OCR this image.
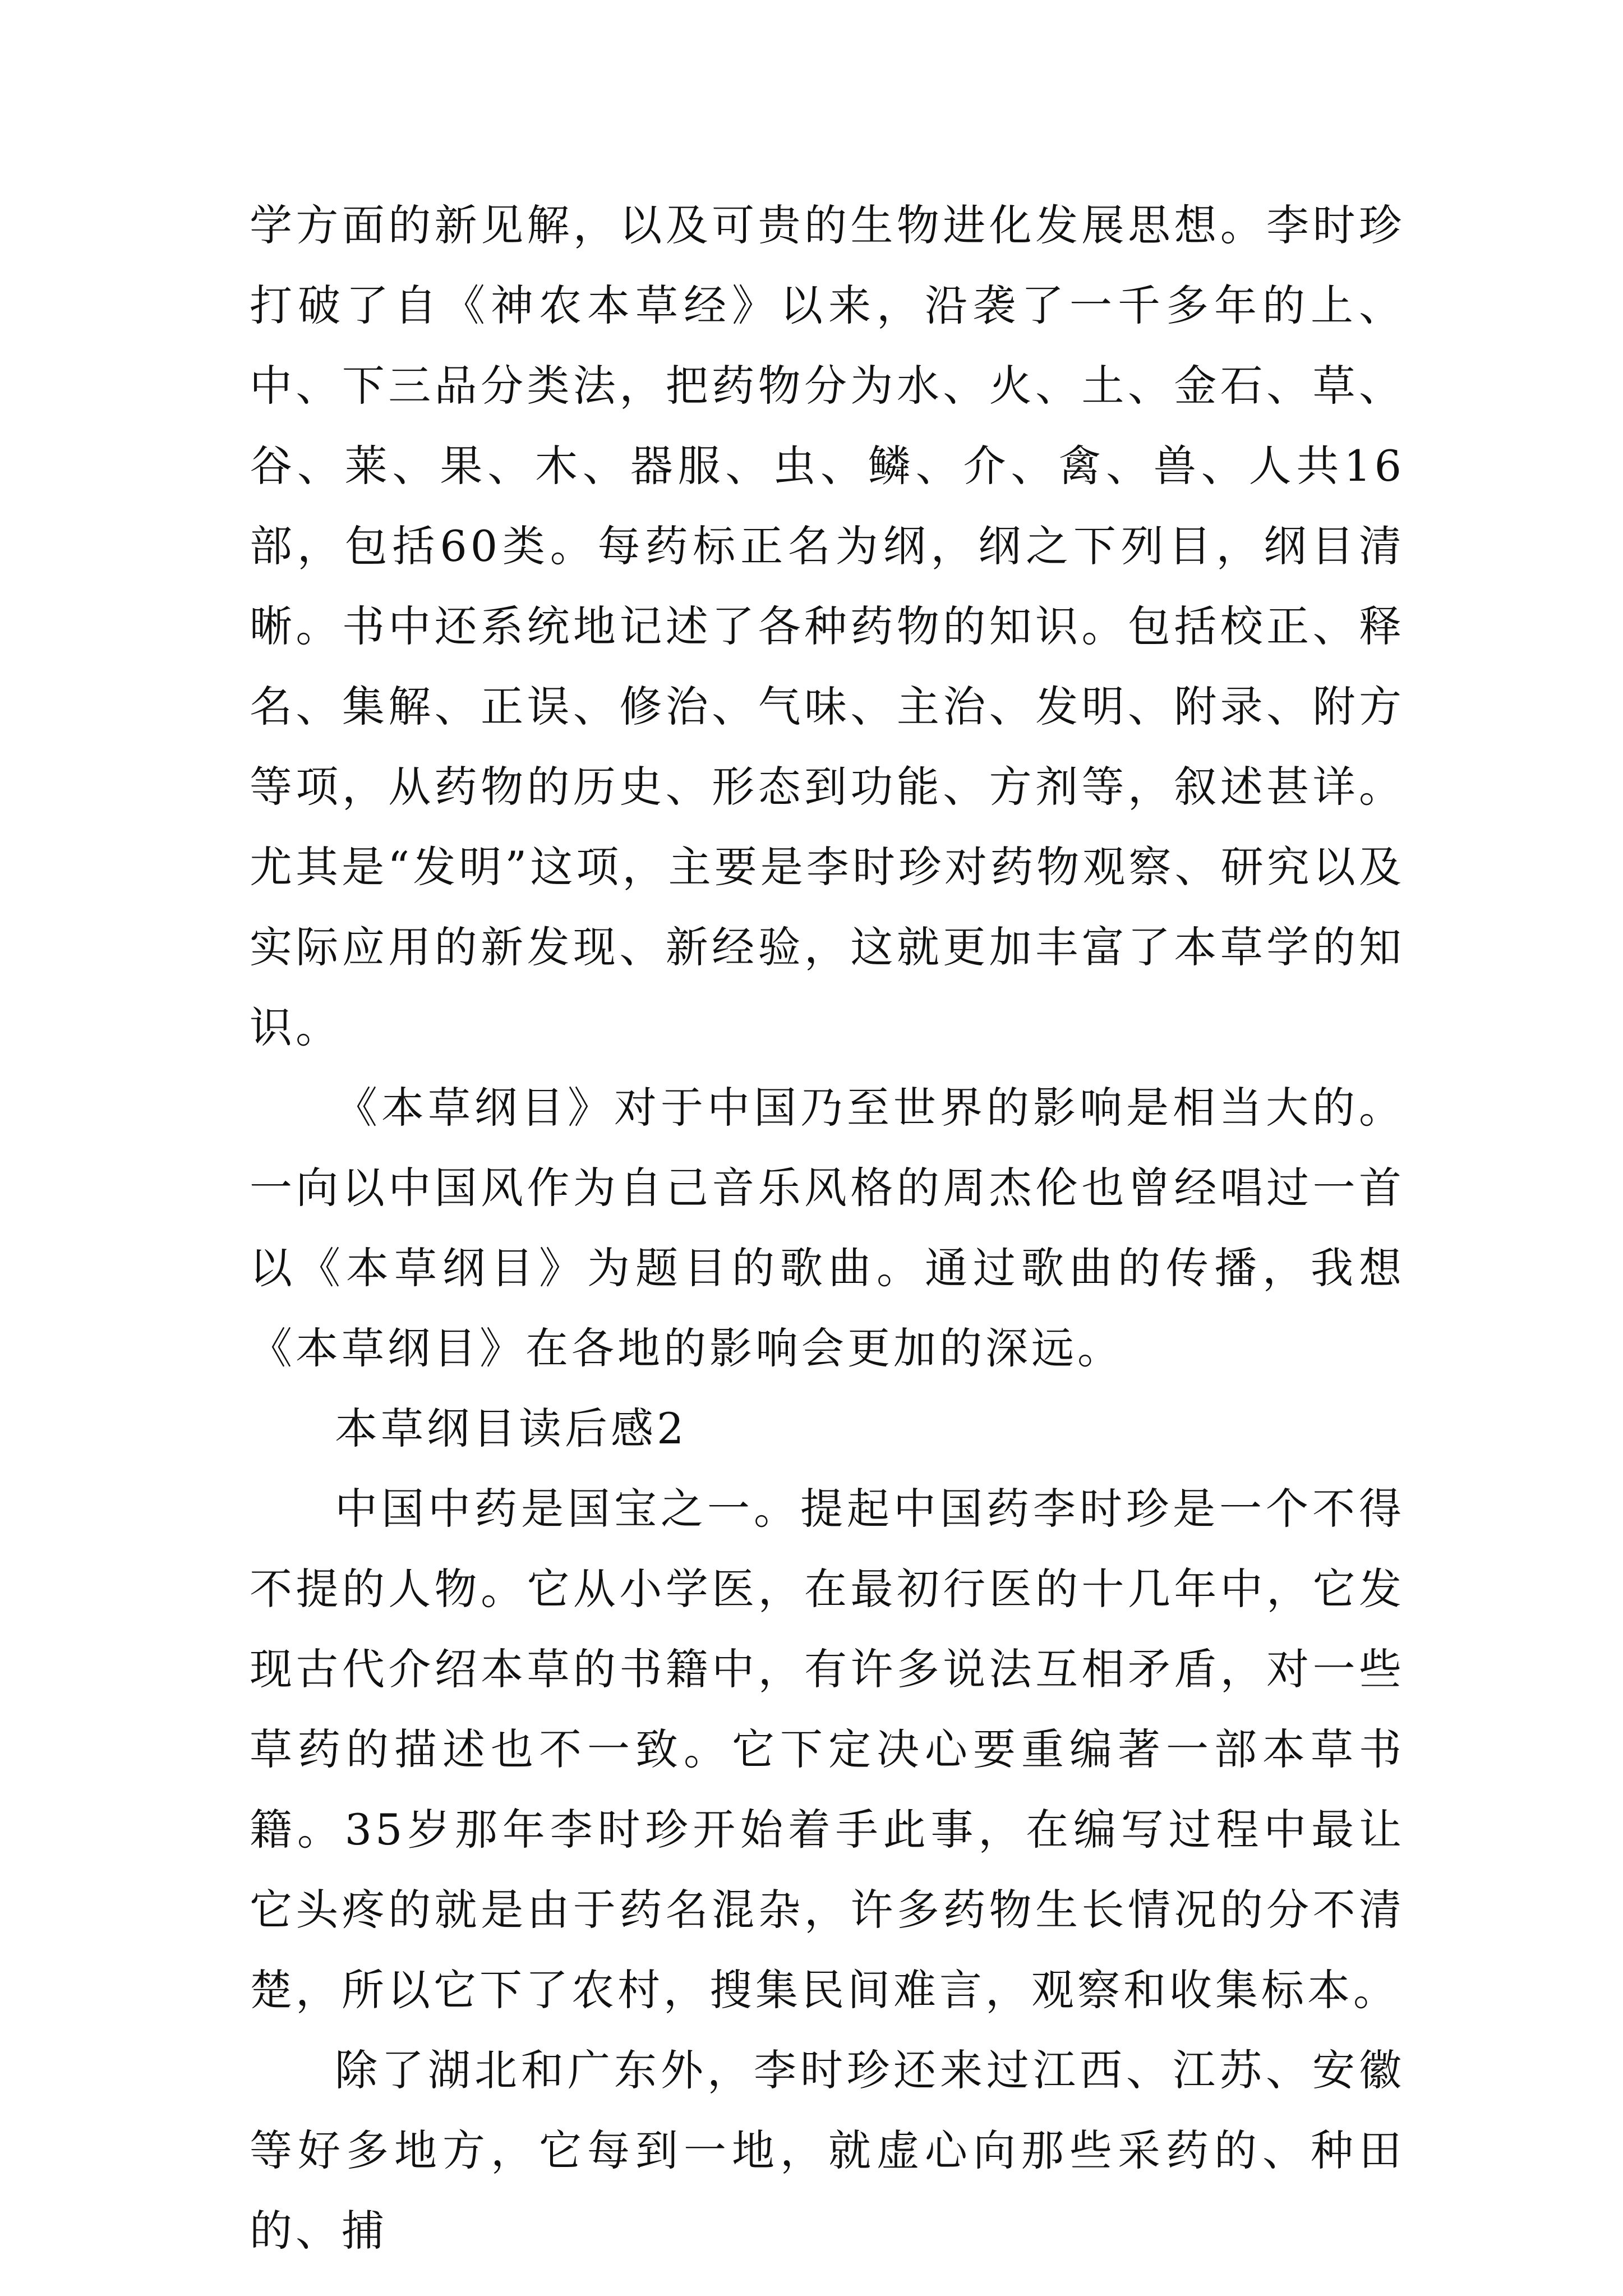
学方面的新见解，以及可贵的生物进化发展思想。李时珍打破了自《神农本草经》以来，沿袭了一千多年的上、中、下三品分类法，把药物分为水、火、土、金石、草、谷、莱、果、木、器服、虫、鳞、介、禽、兽、人共16部，包括60类。每药标正名为纲，纲之下列目，纲目清晰。书中还系统地记述了各种药物的知识。包括校正、释名、集解、正误、修治、气味、主治、发明、附录、附方等项，从药物的历史、形态到功能、方剂等，叙述甚详。尤其是“发明”这项，主要是李时珍对药物观察、研究以及实际应用的新发现、新经验，这就更加丰富了本草学的知识。

《本草纲目》对于中国乃至世界的影响是相当大的。一向以中国风作为自己音乐风格的周杰伦也曾经唱过一首以《本草纲目》为题目的歌曲。通过歌曲的传播，我想《本草纲目》在各地的影响会更加的深远。

本草纲目读后感2

中国中药是国宝之一。提起中国药李时珍是一个不得不提的人物。它从小学医，在最初行医的十几年中，它发现古代介绍本草的书籍中，有许多说法互相矛盾，对一些草药的描述也不一致。它下定决心要重编著一部本草书籍。35岁那年李时珍开始着手此事，在编写过程中最让它头疼的就是由于药名混杂，许多药物生长情况的分不清楚，所以它下了农村，搜集民间难言，观察和收集标本。

除了湖北和广东外，李时珍还来过江西、江苏、安徽等好多地方，它每到一地，就虚心向那些采药的、种田的、捕
